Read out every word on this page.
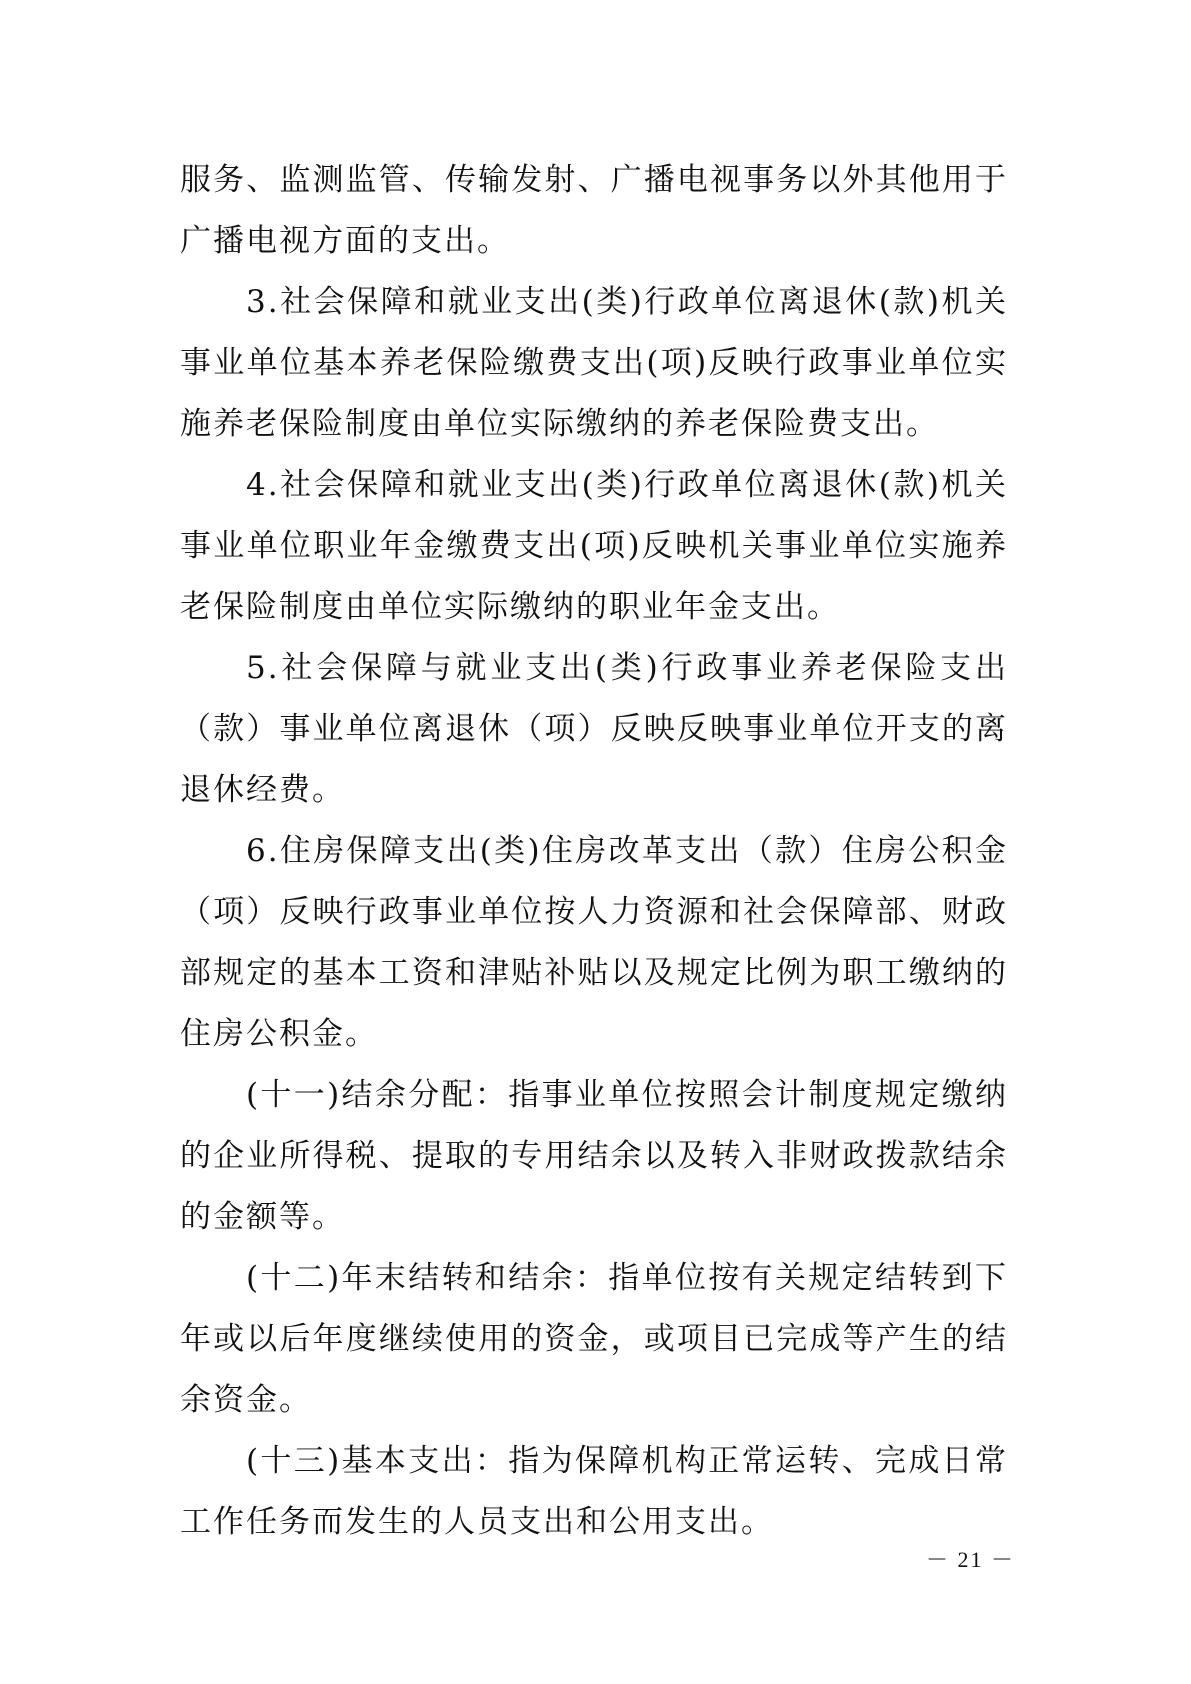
服务、监测监管、传输发射、广播电视事务以外其他用于广播电视方面的支出。

3.社会保障和就业支出(类)行政单位离退休(款)机关事业单位基本养老保险缴费支出(项)反映行政事业单位实施养老保险制度由单位实际缴纳的养老保险费支出。

4.社会保障和就业支出(类)行政单位离退休(款)机关事业单位职业年金缴费支出(项)反映机关事业单位实施养老保险制度由单位实际缴纳的职业年金支出。

5.社会保障与就业支出(类)行政事业养老保险支出（款）事业单位离退休（项）反映反映事业单位开支的离退休经费。

6.住房保障支出(类)住房改革支出（款）住房公积金（项）反映行政事业单位按人力资源和社会保障部、财政部规定的基本工资和津贴补贴以及规定比例为职工缴纳的住房公积金。

(十一)结余分配：指事业单位按照会计制度规定缴纳的企业所得税、提取的专用结余以及转入非财政拨款结余的金额等。

(十二)年末结转和结余：指单位按有关规定结转到下年或以后年度继续使用的资金，或项目已完成等产生的结余资金。

(十三)基本支出：指为保障机构正常运转、完成日常工作任务而发生的人员支出和公用支出。

－ 21 －
